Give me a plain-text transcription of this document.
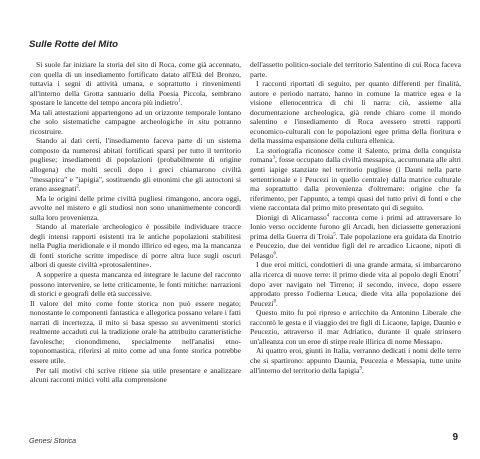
Sulle Rotte del Mito

Si suole far iniziare la storia del sito di Roca, come già accennato, con quella di un insediamento fortificato datato all'Età del Bronzo, tuttavia i segni di attività umana, e soprattutto i rinvenimenti all'interno della Grotta santuario della Poesia Piccola, sembrano spostare le lancette del tempo ancora più indietro$^1$.

Ma tali attestazioni appartengono ad un orizzonte temporale lontano che solo sistematiche campagne archeologiche in situ potranno ricostruire.

Stando ai dati certi, l'insediamento faceva parte di un sistema composto da numerosi abitati fortificati sparsi per tutto il territorio pugliese; insediamenti di popolazioni (probabilmente di origine allogena) che molti secoli dopo i greci chiamarono civiltà "messapica" e "iapigia", sostituendo gli etnonimi che gli autoctoni si erano assegnati$^2$.

Ma le origini delle prime civiltà pugliesi rimangono, ancora oggi, avvolte nel mistero e gli studiosi non sono unanimemente concordi sulla loro provenienza.

Stando al materiale archeologico è possibile individuare tracce degli intensi rapporti esistenti tra le antiche popolazioni stabilitesi nella Puglia meridionale e il mondo illirico ed egeo, ma la mancanza di fonti storiche scritte impedisce di porre altra luce sugli oscuri albori di queste civiltà «protosalentine».

A sopperire a questa mancanza ed integrare le lacune del racconto possono intervenire, se lette criticamente, le fonti mitiche: narrazioni di storici e geografi delle età successive.

Il valore del mito come fonte storica non può essere negato; nonostante le componenti fantastica e allegorica possano velare i fatti narrati di incertezza, il mito si basa spesso su avvenimenti storici realmente accaduti cui la tradizione orale ha attribuito caratteristiche favolesche; cionondimeno, specialmente nell'analisi etno-toponomastica, riferirsi al mito come ad una fonte storica potrebbe essere utile.

Per tali motivi chi scrive ritiene sia utile presentare e analizzare alcuni racconti mitici volti alla comprensione

dell'assetto politico-sociale del territorio Salentino di cui Roca faceva parte.

I racconti riportati di seguito, per quanto differenti per finalità, autore e periodo narrato, hanno in comune la matrice egea e la visione ellenocentrica di chi li narra: ciò, assieme alla documentazione archeologica, già rende chiaro come il mondo salentino e l'insediamento di Roca avessero stretti rapporti economico-culturali con le popolazioni egee prima della fioritura e della massima espansione della cultura ellenica.

La storiografia riconosce come il Salento, prima della conquista romana$^3$, fosse occupato dalla civiltà messapica, accumunata alle altri genti iapige stanziate nel territorio pugliese (i Dauni nella parte settentrionale e i Peucezi in quello centrale) dalla matrice culturale ma soprattutto dalla provenienza d'oltremare: origine che fa riferimento, per l'appunto, a tempi quasi del tutto privi di fonti e che viene raccontata dal primo mito presentato qui di seguito.

Dionigi di Alicarnasso$^4$ racconta come i primi ad attraversare lo Ionio verso occidente furono gli Arcadi, ben diciassette generazioni prima della Guerra di Troia$^5$. Tale popolazione era guidata da Enotrio e Peucezio, due dei ventidue figli del re arcadico Licaone, nipoti di Pelasgo$^6$.

I due eroi mitici, condottieri di una grande armata, si imbarcarono alla ricerca di nuove terre: il primo diede vita al popolo degli Enotri$^7$ dopo aver navigato nel Tirreno; il secondo, invece, dopo essere approdato presso l'odierna Leuca, diede vita alla popolazione dei Peucezi$^8$.

Questo mito fu poi ripreso e arricchito da Antonino Liberale che raccontò le gesta e il viaggio dei tre figli di Licaone, Iapige, Daunio e Peucezio, attraverso il mar Adriatico, durante il quale strinsero un'alleanza con un eroe di stirpe reale illirica di nome Messapo.

Ai quattro eroi, giunti in Italia, verranno dedicati i nomi delle terre che si spartirono: appunto Daunia, Peucezia e Messapia, tutte unite all'interno del territorio della Iapigia$^9$.

Genesi Storica	9
